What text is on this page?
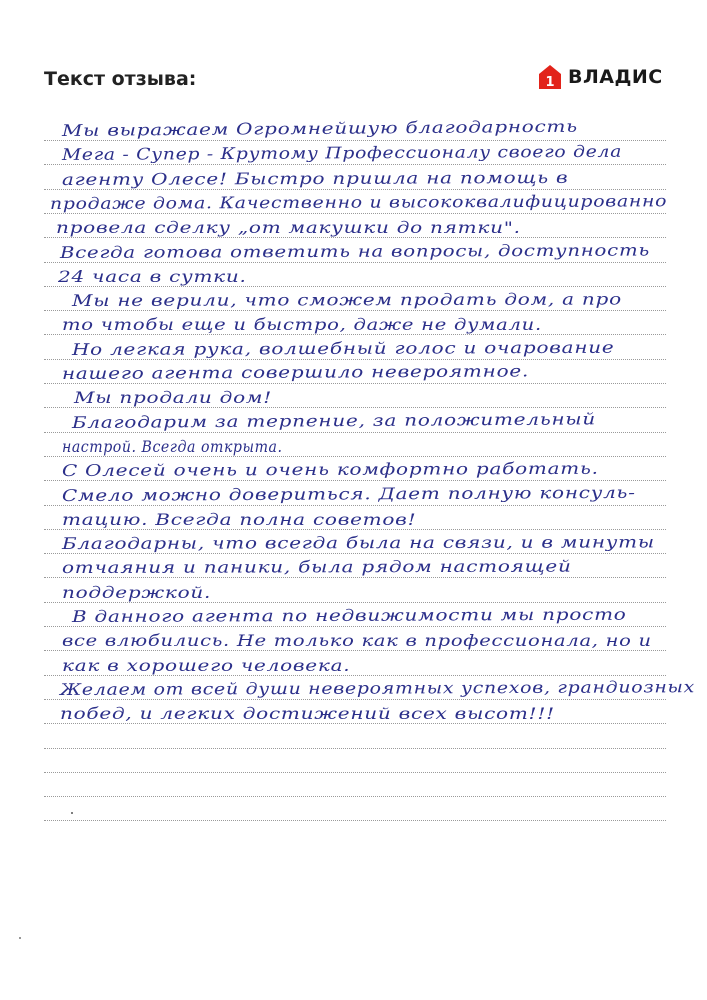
Текст отзыва:	1 ВЛАДИС
Мы выражаем Огромнейшую благодарность
Мега - Супер - Крутому Профессионалу своего дела
агенту Олесе! Быстро пришла на помощь в
продаже дома. Качественно и высококвалифицированно
провела сделку „от макушки до пятки".
Всегда готова ответить на вопросы, доступность
24 часа в сутки.
Мы не верили, что сможем продать дом, а про
то чтобы еще и быстро, даже не думали.
Но легкая рука, волшебный голос и очарование
нашего агента совершило невероятное.
Мы продали дом!
Благодарим за терпение, за положительный
настрой. Всегда открыта.
С Олесей очень и очень комфортно работать.
Смело можно довериться. Дает полную консуль-
тацию. Всегда полна советов!
Благодарны, что всегда была на связи, и в минуты
отчаяния и паники, была рядом настоящей
поддержкой.
В данного агента по недвижимости мы просто
все влюбились. Не только как в профессионала, но и
как в хорошего человека.
Желаем от всей души невероятных успехов, грандиозных
побед, и легких достижений всех высот!!!
